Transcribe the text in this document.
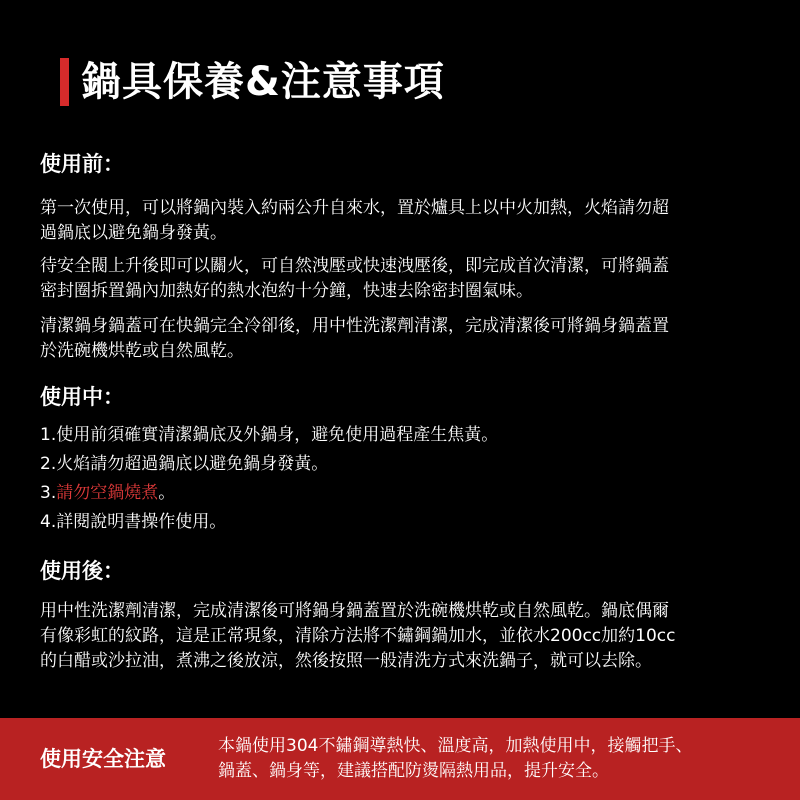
鍋具保養&注意事項
使用前：
第一次使用，可以將鍋內裝入約兩公升自來水，置於爐具上以中火加熱，火焰請勿超
過鍋底以避免鍋身發黃。
待安全閥上升後即可以關火，可自然洩壓或快速洩壓後，即完成首次清潔，可將鍋蓋
密封圈拆置鍋內加熱好的熱水泡約十分鐘，快速去除密封圈氣味。
清潔鍋身鍋蓋可在快鍋完全冷卻後，用中性洗潔劑清潔，完成清潔後可將鍋身鍋蓋置
於洗碗機烘乾或自然風乾。
使用中：
1.使用前須確實清潔鍋底及外鍋身，避免使用過程產生焦黃。
2.火焰請勿超過鍋底以避免鍋身發黃。
3.請勿空鍋燒煮。
4.詳閱說明書操作使用。
使用後：
用中性洗潔劑清潔，完成清潔後可將鍋身鍋蓋置於洗碗機烘乾或自然風乾。鍋底偶爾
有像彩虹的紋路，這是正常現象，清除方法將不鏽鋼鍋加水，並依水200cc加約10cc
的白醋或沙拉油，煮沸之後放涼，然後按照一般清洗方式來洗鍋子，就可以去除。
使用安全注意
本鍋使用304不鏽鋼導熱快、溫度高，加熱使用中，接觸把手、
鍋蓋、鍋身等，建議搭配防燙隔熱用品，提升安全。
